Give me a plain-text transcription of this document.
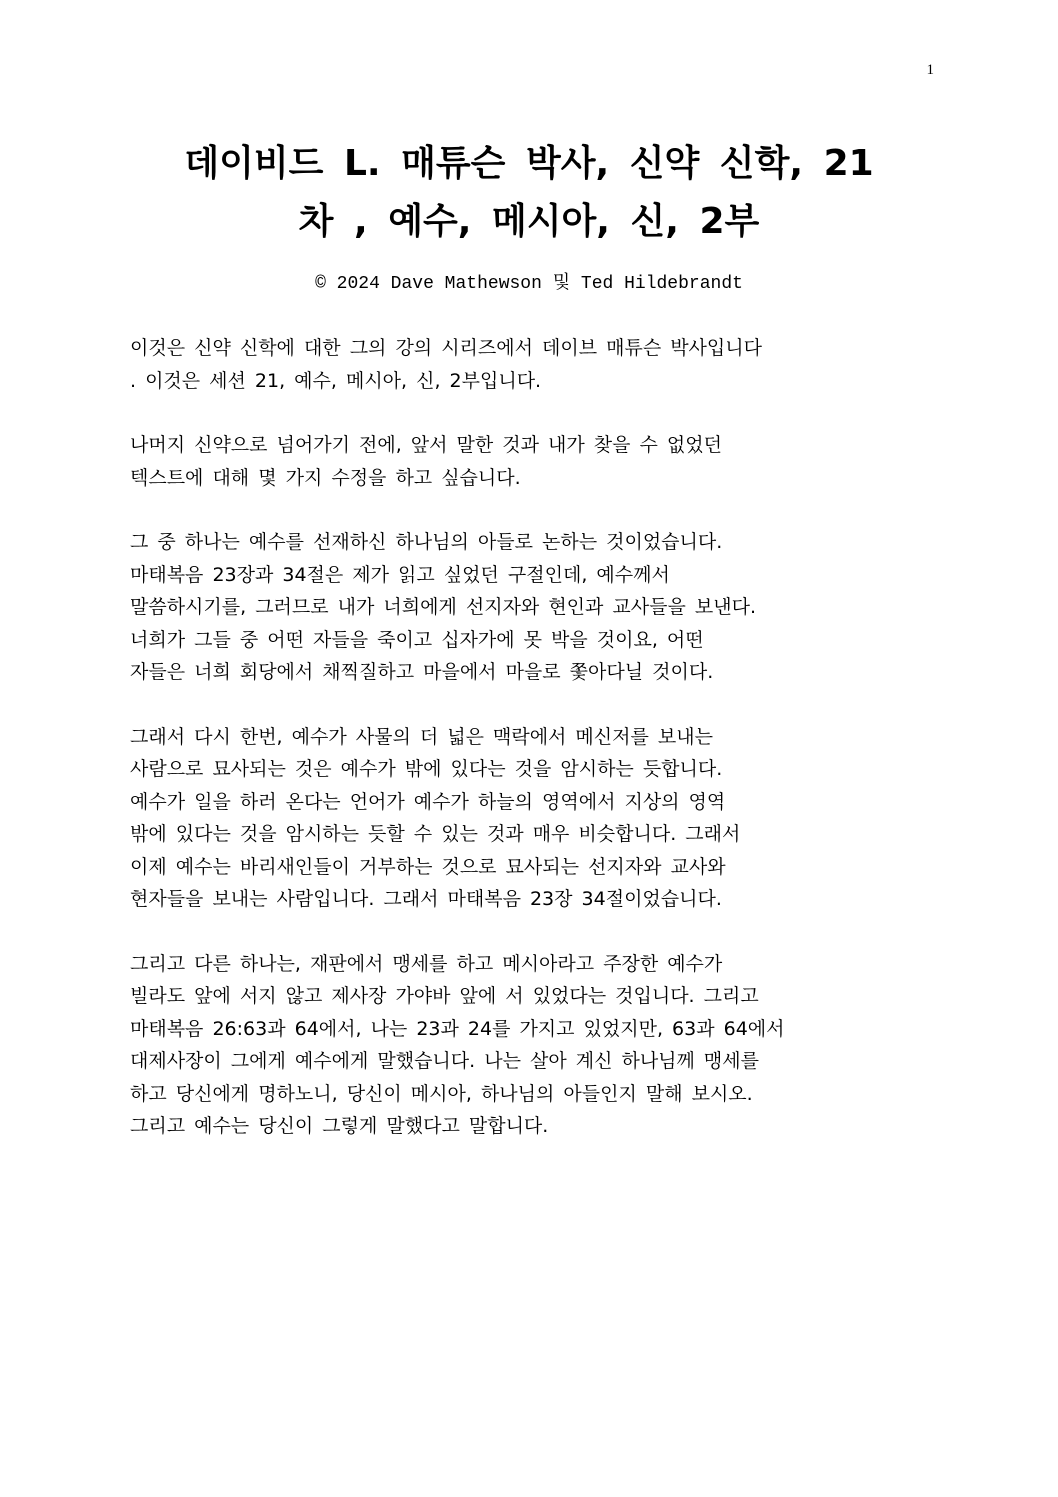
1
데이비드 L. 매튜슨 박사, 신약 신학, 21
차 , 예수, 메시아, 신, 2부
© 2024 Dave Mathewson 및 Ted Hildebrandt

이것은 신약 신학에 대한 그의 강의 시리즈에서 데이브 매튜슨 박사입니다
. 이것은 세션 21, 예수, 메시아, 신, 2부입니다.

나머지 신약으로 넘어가기 전에, 앞서 말한 것과 내가 찾을 수 없었던
텍스트에 대해 몇 가지 수정을 하고 싶습니다.

그 중 하나는 예수를 선재하신 하나님의 아들로 논하는 것이었습니다.
마태복음 23장과 34절은 제가 읽고 싶었던 구절인데, 예수께서
말씀하시기를, 그러므로 내가 너희에게 선지자와 현인과 교사들을 보낸다.
너희가 그들 중 어떤 자들을 죽이고 십자가에 못 박을 것이요, 어떤
자들은 너희 회당에서 채찍질하고 마을에서 마을로 쫓아다닐 것이다.

그래서 다시 한번, 예수가 사물의 더 넓은 맥락에서 메신저를 보내는
사람으로 묘사되는 것은 예수가 밖에 있다는 것을 암시하는 듯합니다.
예수가 일을 하러 온다는 언어가 예수가 하늘의 영역에서 지상의 영역
밖에 있다는 것을 암시하는 듯할 수 있는 것과 매우 비슷합니다. 그래서
이제 예수는 바리새인들이 거부하는 것으로 묘사되는 선지자와 교사와
현자들을 보내는 사람입니다. 그래서 마태복음 23장 34절이었습니다.

그리고 다른 하나는, 재판에서 맹세를 하고 메시아라고 주장한 예수가
빌라도 앞에 서지 않고 제사장 가야바 앞에 서 있었다는 것입니다. 그리고
마태복음 26:63과 64에서, 나는 23과 24를 가지고 있었지만, 63과 64에서
대제사장이 그에게 예수에게 말했습니다. 나는 살아 계신 하나님께 맹세를
하고 당신에게 명하노니, 당신이 메시아, 하나님의 아들인지 말해 보시오.
그리고 예수는 당신이 그렇게 말했다고 말합니다.
